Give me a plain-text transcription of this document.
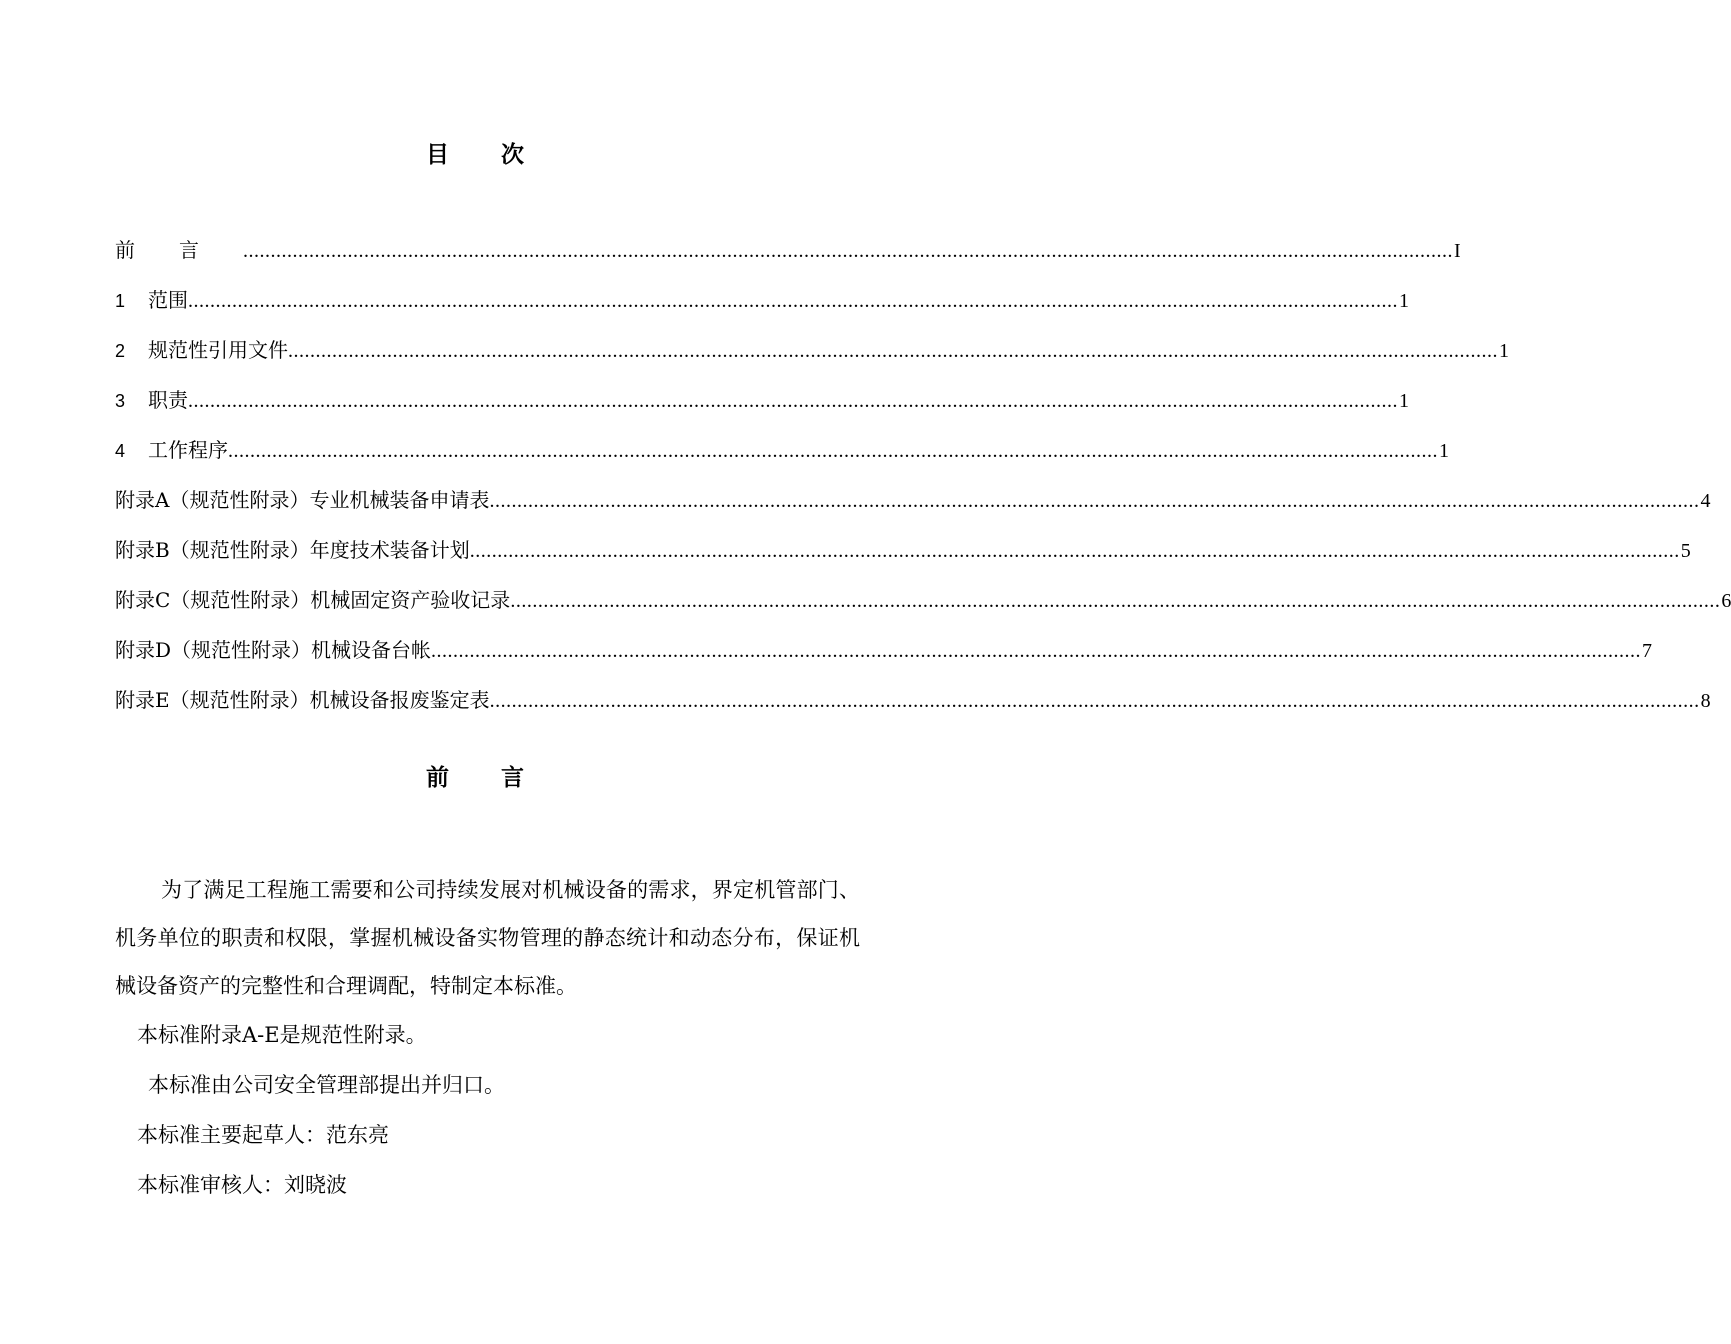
目次
前言 ............................................................................................................................................................................................................................ I
1	范围 ............................................................................................................................................................................................................................ 1
2	规范性引用文件 ............................................................................................................................................................................................................................ 1
3	职责 ............................................................................................................................................................................................................................ 1
4	工作程序 ............................................................................................................................................................................................................................ 1
附录A（规范性附录）专业机械装备申请表 ............................................................................................................................................................................................................................ 4
附录B（规范性附录）年度技术装备计划 ............................................................................................................................................................................................................................ 5
附录C（规范性附录）机械固定资产验收记录 ............................................................................................................................................................................................................................ 6
附录D（规范性附录）机械设备台帐 ............................................................................................................................................................................................................................ 7
附录E（规范性附录）机械设备报废鉴定表 ............................................................................................................................................................................................................................ 8
前言

为了满足工程施工需要和公司持续发展对机械设备的需求，界定机管部门、机务单位的职责和权限，掌握机械设备实物管理的静态统计和动态分布，保证机械设备资产的完整性和合理调配，特制定本标准。

本标准附录A-E是规范性附录。

本标准由公司安全管理部提出并归口。

本标准主要起草人：范东亮

本标准审核人：刘晓波
